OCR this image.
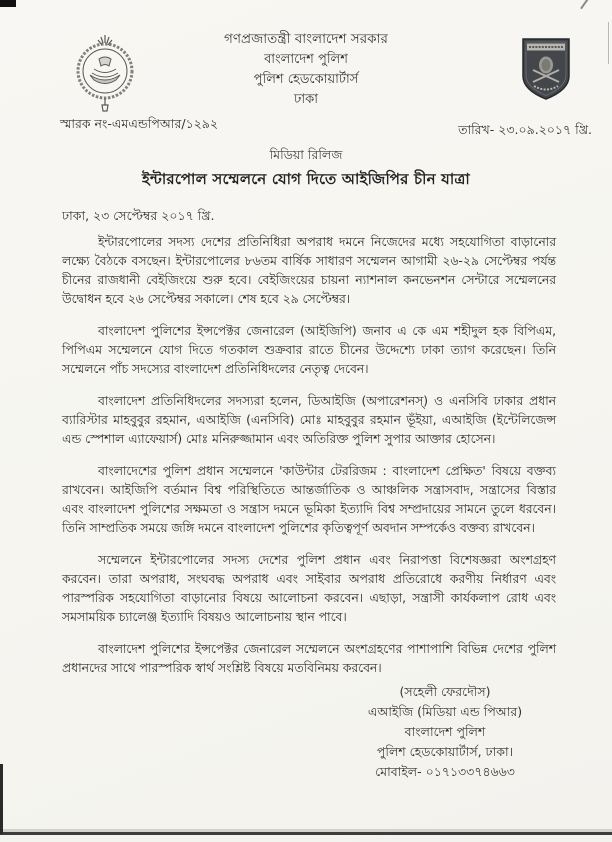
গণপ্রজাতন্ত্রী বাংলাদেশ সরকার
বাংলাদেশ পুলিশ
পুলিশ হেডকোয়ার্টার্স
ঢাকা
স্মারক নং-এমএন্ডপিআর/১২৯২	তারিখ- ২৩.০৯.২০১৭ খ্রি.
মিডিয়া রিলিজ
ইন্টারপোল সম্মেলনে যোগ দিতে আইজিপির চীন যাত্রা
ঢাকা, ২৩ সেপ্টেম্বর ২০১৭ খ্রি.

ইন্টারপোলের সদস্য দেশের প্রতিনিধিরা অপরাধ দমনে নিজেদের মধ্যে সহযোগিতা বাড়ানোর লক্ষ্যে বৈঠকে বসছেন। ইন্টারপোলের ৮৬তম বার্ষিক সাধারণ সম্মেলন আগামী ২৬-২৯ সেপ্টেম্বর পর্যন্ত চীনের রাজধানী বেইজিংয়ে শুরু হবে। বেইজিংয়ের চায়না ন্যাশনাল কনভেনশন সেন্টারে সম্মেলনের উদ্বোধন হবে ২৬ সেপ্টেম্বর সকালে। শেষ হবে ২৯ সেপ্টেম্বর।

বাংলাদেশ পুলিশের ইন্সপেক্টর জেনারেল (আইজিপি) জনাব এ কে এম শহীদুল হক বিপিএম, পিপিএম সম্মেলনে যোগ দিতে গতকাল শুক্রবার রাতে চীনের উদ্দেশ্যে ঢাকা ত্যাগ করেছেন। তিনি সম্মেলনে পাঁচ সদস্যের বাংলাদেশ প্রতিনিধিদলের নেতৃত্ব দেবেন।

বাংলাদেশ প্রতিনিধিদলের সদস্যরা হলেন, ডিআইজি (অপারেশনস্) ও এনসিবি ঢাকার প্রধান ব্যারিস্টার মাহবুবুর রহমান, এআইজি (এনসিবি) মোঃ মাহবুবুর রহমান ভূঁইয়া, এআইজি (ইন্টেলিজেন্স এন্ড স্পেশাল এ্যাফেয়ার্স) মোঃ মনিরুজ্জামান এবং অতিরিক্ত পুলিশ সুপার আক্তার হোসেন।

বাংলাদেশের পুলিশ প্রধান সম্মেলনে 'কাউন্টার টেররিজম : বাংলাদেশ প্রেক্ষিত' বিষয়ে বক্তব্য রাখবেন। আইজিপি বর্তমান বিশ্ব পরিস্থিতিতে আন্তর্জাতিক ও আঞ্চলিক সন্ত্রাসবাদ, সন্ত্রাসের বিস্তার এবং বাংলাদেশ পুলিশের সক্ষমতা ও সন্ত্রাস দমনে ভূমিকা ইত্যাদি বিশ্ব সম্প্রদায়ের সামনে তুলে ধরবেন। তিনি সাম্প্রতিক সময়ে জঙ্গি দমনে বাংলাদেশ পুলিশের কৃতিত্বপূর্ণ অবদান সম্পর্কেও বক্তব্য রাখবেন।

সম্মেলনে ইন্টারপোলের সদস্য দেশের পুলিশ প্রধান এবং নিরাপত্তা বিশেষজ্ঞরা অংশগ্রহণ করবেন। তারা অপরাধ, সংঘবদ্ধ অপরাধ এবং সাইবার অপরাধ প্রতিরোধে করণীয় নির্ধারণ এবং পারস্পরিক সহযোগিতা বাড়ানোর বিষয়ে আলোচনা করবেন। এছাড়া, সন্ত্রাসী কার্যকলাপ রোধ এবং সমসাময়িক চ্যালেঞ্জ ইত্যাদি বিষয়ও আলোচনায় স্থান পাবে।

বাংলাদেশ পুলিশের ইন্সপেক্টর জেনারেল সম্মেলনে অংশগ্রহণের পাশাপাশি বিভিন্ন দেশের পুলিশ প্রধানদের সাথে পারস্পরিক স্বার্থ সংশ্লিষ্ট বিষয়ে মতবিনিময় করবেন।

(সহেলী ফেরদৌস)
এআইজি (মিডিয়া এন্ড পিআর)
বাংলাদেশ পুলিশ
পুলিশ হেডকোয়ার্টার্স, ঢাকা।
মোবাইল- ০১৭১৩৩৭৪৬৬৩
